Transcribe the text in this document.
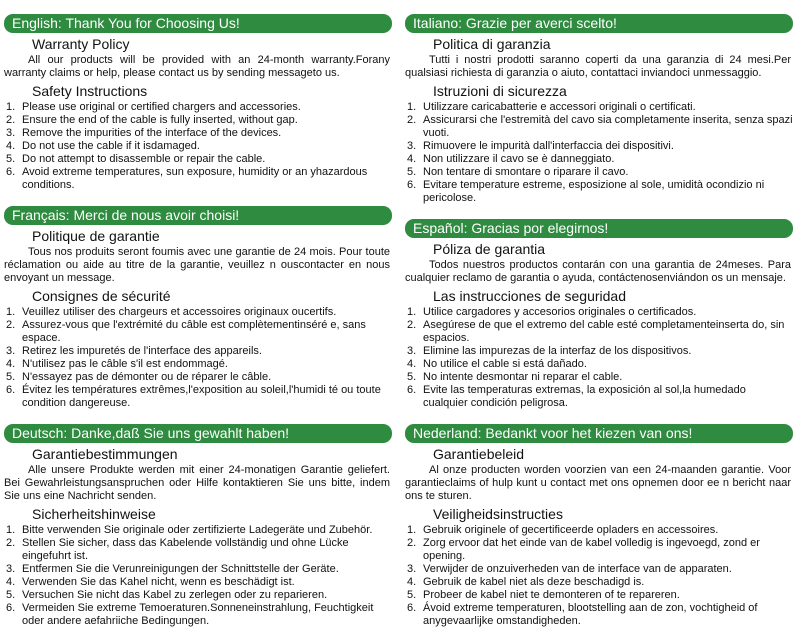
English: Thank You for Choosing Us!
Warranty Policy
All our products will be provided with an 24-month warranty.Forany warranty claims or help, please contact us by sending messageto us.
Safety Instructions
1. Please use original or certified chargers and accessories.
2. Ensure the end of the cable is fully inserted, without gap.
3. Remove the impurities of the interface of the devices.
4. Do not use the cable if it isdamaged.
5. Do not attempt to disassemble or repair the cable.
6. Avoid extreme temperatures, sun exposure, humidity or an yhazardous conditions.
Français: Merci de nous avoir choisi!
Politique de garantie
Tous nos produits seront foumis avec une garantie de 24 mois. Pour toute réclamation ou aide au titre de la garantie, veuillez n ouscontacter en nous envoyant un message.
Consignes de sécurité
1. Veuillez utiliser des chargeurs et accessoires originaux oucertifs.
2. Assurez-vous que l'extrémité du câble est complètementinséré e, sans espace.
3. Retirez les impuretés de l'interface des appareils.
4. N'utilisez pas le câble s'il est endommagé.
5. N'essayez pas de démonter ou de réparer le câble.
6. Évitez les températures extrêmes,l'exposition au soleil,l'humidi té ou toute condition dangereuse.
Deutsch: Danke,daß Sie uns gewahlt haben!
Garantiebestimmungen
Alle unsere Produkte werden mit einer 24-monatigen Garantie geliefert. Bei Gewahrleistungsanspruchen oder Hilfe kontaktieren Sie uns bitte, indem Sie uns eine Nachricht senden.
Sicherheitshinweise
1. Bitte verwenden Sie originale oder zertifizierte Ladegeräte und Zubehör.
2. Stellen Sie sicher, dass das Kabelende vollständig und ohne Lücke eingefuhrt ist.
3. Entfermen Sie die Verunreinigungen der Schnittstelle der Geräte.
4. Verwenden Sie das Kahel nicht, wenn es beschädigt ist.
5. Versuchen Sie nicht das Kabel zu zerlegen oder zu reparieren.
6. Vermeiden Sie extreme Temoeraturen.Sonneneinstrahlung, Feuchtigkeit oder andere aefahriiche Bedingungen.
Italiano: Grazie per averci scelto!
Politica di garanzia
Tutti i nostri prodotti saranno coperti da una garanzia di 24 mesi.Per qualsiasi richiesta di garanzia o aiuto, contattaci inviandoci unmessaggio.
Istruzioni di sicurezza
1. Utilizzare caricabatterie e accessori originali o certificati.
2. Assicurarsi che l'estremità del cavo sia completamente inserita, senza spazi vuoti.
3. Rimuovere le impurità dall'interfaccia dei dispositivi.
4. Non utilizzare il cavo se è danneggiato.
5. Non tentare di smontare o riparare il cavo.
6. Evitare temperature estreme, esposizione al sole, umidità ocondizio ni pericolose.
Español: Gracias por elegirnos!
Póliza de garantia
Todos nuestros productos contarán con una garantia de 24meses. Para cualquier reclamo de garantia o ayuda, contáctenosenviándon os un mensaje.
Las instrucciones de seguridad
1. Utilice cargadores y accesorios originales o certificados.
2. Asegúrese de que el extremo del cable esté completamenteinserta do, sin espacios.
3. Elimine las impurezas de la interfaz de los dispositivos.
4. No utilice el cable si está dañado.
5. No intente desmontar ni reparar el cable.
6. Evite las temperaturas extremas, la exposición al sol,la humedado cualquier condición peligrosa.
Nederland: Bedankt voor het kiezen van ons!
Garantiebeleid
Al onze producten worden voorzien van een 24-maanden garantie. Voor garantieclaims of hulp kunt u contact met ons opnemen door ee n bericht naar ons te sturen.
Veiligheidsinstructies
1. Gebruik originele of gecertificeerde opladers en accessoires.
2. Zorg ervoor dat het einde van de kabel volledig is ingevoegd, zond er opening.
3. Verwijder de onzuiverheden van de interface van de apparaten.
4. Gebruik de kabel niet als deze beschadigd is.
5. Probeer de kabel niet te demonteren of te repareren.
6. Ávoid extreme temperaturen, blootstelling aan de zon, vochtigheid of anygevaarlijke omstandigheden.
